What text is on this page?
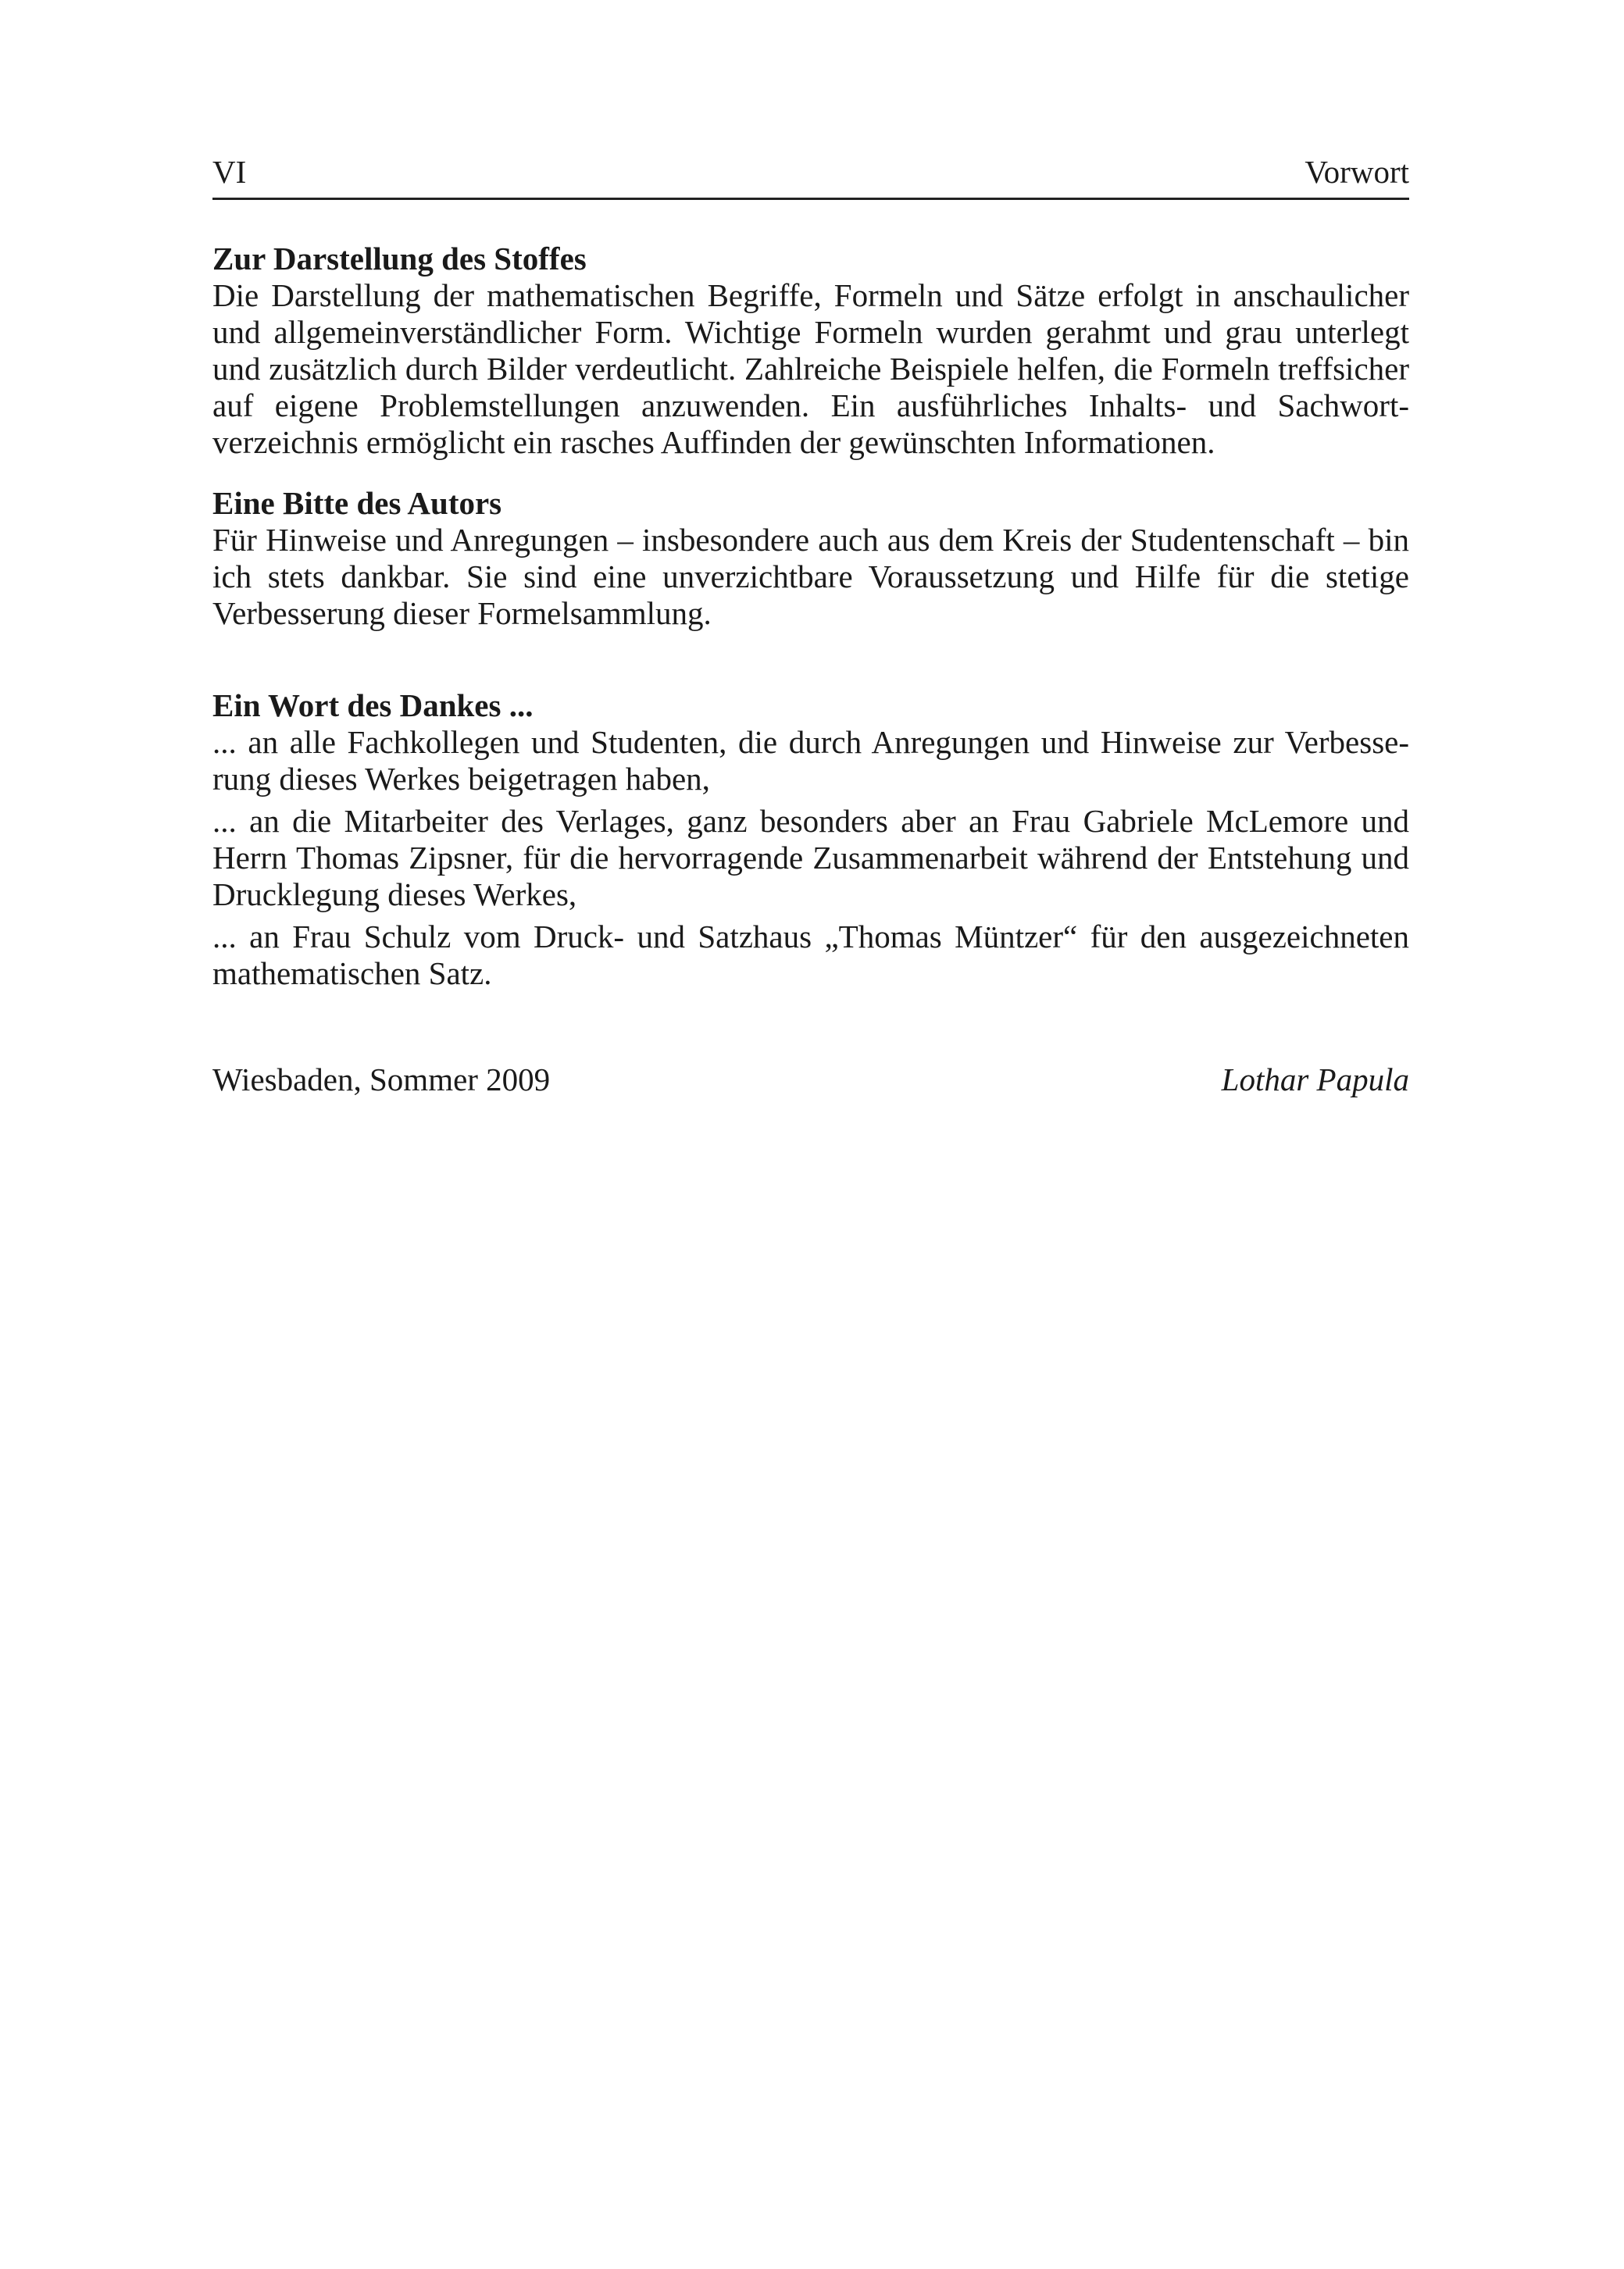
VI	Vorwort
Zur Darstellung des Stoffes

Die Darstellung der mathematischen Begriffe, Formeln und Sätze erfolgt in anschaulicher und allgemeinverständlicher Form. Wichtige Formeln wurden gerahmt und grau unterlegt und zusätzlich durch Bilder verdeutlicht. Zahlreiche Beispiele helfen, die Formeln treffsicher auf eigene Problemstellungen anzuwenden. Ein ausführliches Inhalts- und Sachwortverzeichnis ermöglicht ein rasches Auffinden der gewünschten Informationen.

Eine Bitte des Autors

Für Hinweise und Anregungen – insbesondere auch aus dem Kreis der Studentenschaft – bin ich stets dankbar. Sie sind eine unverzichtbare Voraussetzung und Hilfe für die stetige Verbesserung dieser Formelsammlung.

Ein Wort des Dankes ...

... an alle Fachkollegen und Studenten, die durch Anregungen und Hinweise zur Verbesserung dieses Werkes beigetragen haben,

... an die Mitarbeiter des Verlages, ganz besonders aber an Frau Gabriele McLemore und Herrn Thomas Zipsner, für die hervorragende Zusammenarbeit während der Entstehung und Drucklegung dieses Werkes,

... an Frau Schulz vom Druck- und Satzhaus „Thomas Müntzer“ für den ausgezeichneten mathematischen Satz.

Wiesbaden, Sommer 2009	Lothar Papula
